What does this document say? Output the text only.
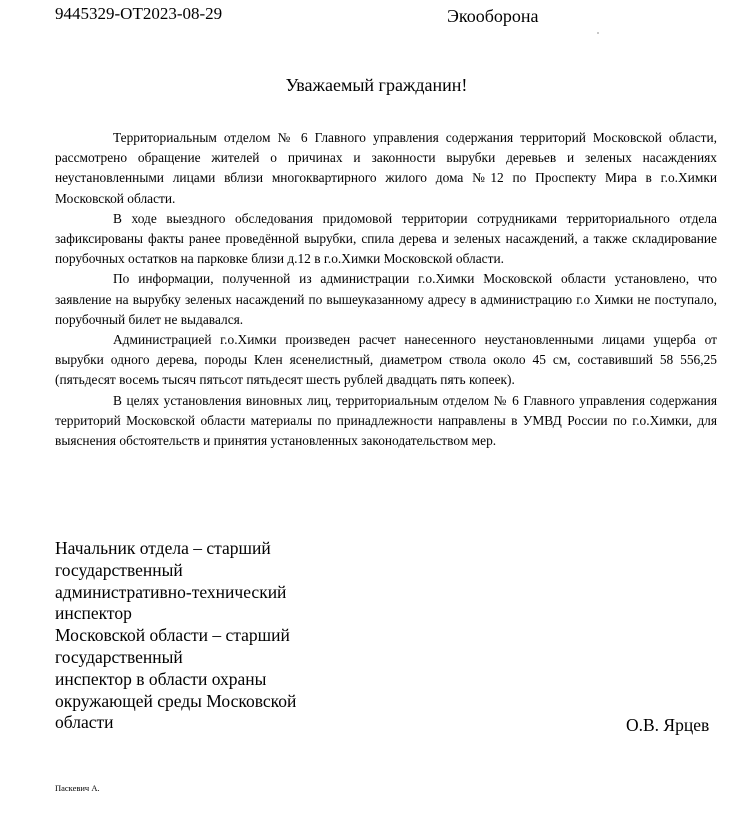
9445329-ОТ2023-08-29	Экооборона
Уважаемый гражданин!

Территориальным отделом № 6 Главного управления содержания территорий Московской области, рассмотрено обращение жителей о причинах и законности вырубки деревьев и зеленых насаждениях неустановленными лицами вблизи многоквартирного жилого дома №12 по Проспекту Мира в г.о.Химки Московской области.

В ходе выездного обследования придомовой территории сотрудниками территориального отдела зафиксированы факты ранее проведённой вырубки, спила дерева и зеленых насаждений, а также складирование порубочных остатков на парковке близи д.12 в г.о.Химки Московской области.

По информации, полученной из администрации г.о.Химки Московской области установлено, что заявление на вырубку зеленых насаждений по вышеуказанному адресу в администрацию г.о Химки не поступало, порубочный билет не выдавался.

Администрацией г.о.Химки произведен расчет нанесенного неустановленными лицами ущерба от вырубки одного дерева, породы Клен ясенелистный, диаметром ствола около 45 см, составивший 58 556,25 (пятьдесят восемь тысяч пятьсот пятьдесят шесть рублей двадцать пять копеек).

В целях установления виновных лиц, территориальным отделом № 6 Главного управления содержания территорий Московской области материалы по принадлежности направлены в УМВД России по г.о.Химки, для выяснения обстоятельств и принятия установленных законодательством мер.

Начальник отдела – старший
государственный
административно-технический
инспектор
Московской области – старший
государственный
инспектор в области охраны
окружающей среды Московской
области	О.В. Ярцев
Паскевич А.
